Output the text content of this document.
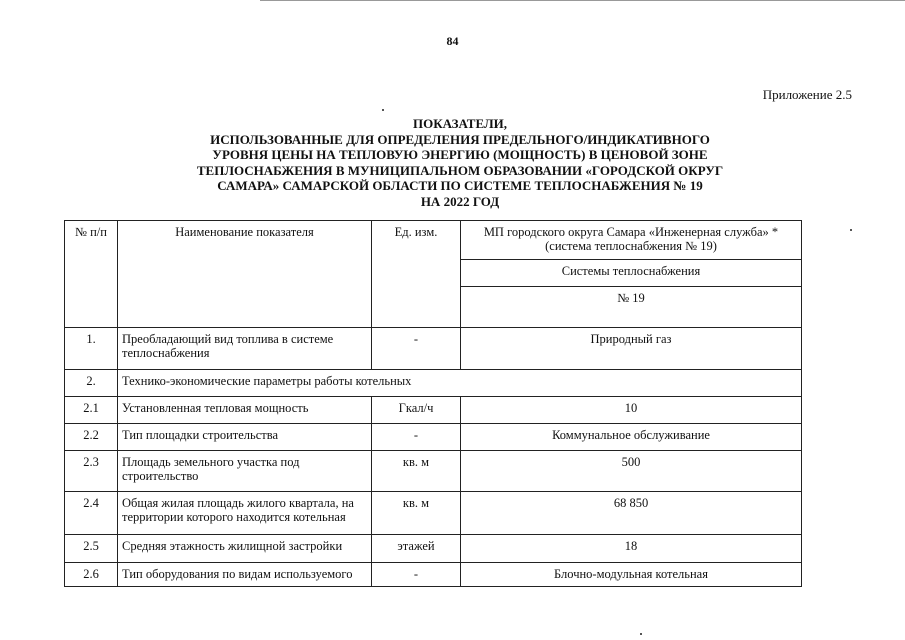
84
Приложение 2.5
ПОКАЗАТЕЛИ,
ИСПОЛЬЗОВАННЫЕ ДЛЯ ОПРЕДЕЛЕНИЯ ПРЕДЕЛЬНОГО/ИНДИКАТИВНОГО
УРОВНЯ ЦЕНЫ НА ТЕПЛОВУЮ ЭНЕРГИЮ (МОЩНОСТЬ) В ЦЕНОВОЙ ЗОНЕ
ТЕПЛОСНАБЖЕНИЯ В МУНИЦИПАЛЬНОМ ОБРАЗОВАНИИ «ГОРОДСКОЙ ОКРУГ
САМАРА» САМАРСКОЙ ОБЛАСТИ ПО СИСТЕМЕ ТЕПЛОСНАБЖЕНИЯ № 19
НА 2022 ГОД
№ п/п	Наименование показателя	Ед. изм.	МП городского округа Самара «Инженерная служба» * (система теплоснабжения № 19)
			Системы теплоснабжения
			№ 19
1.	Преобладающий вид топлива в системе теплоснабжения	-	Природный газ
2.	Технико-экономические параметры работы котельных		
2.1	Установленная тепловая мощность	Гкал/ч	10
2.2	Тип площадки строительства	-	Коммунальное обслуживание
2.3	Площадь земельного участка под строительство	кв. м	500
2.4	Общая жилая площадь жилого квартала, на территории которого находится котельная	кв. м	68 850
2.5	Средняя этажность жилищной застройки	этажей	18
2.6	Тип оборудования по видам используемого	-	Блочно-модульная котельная
